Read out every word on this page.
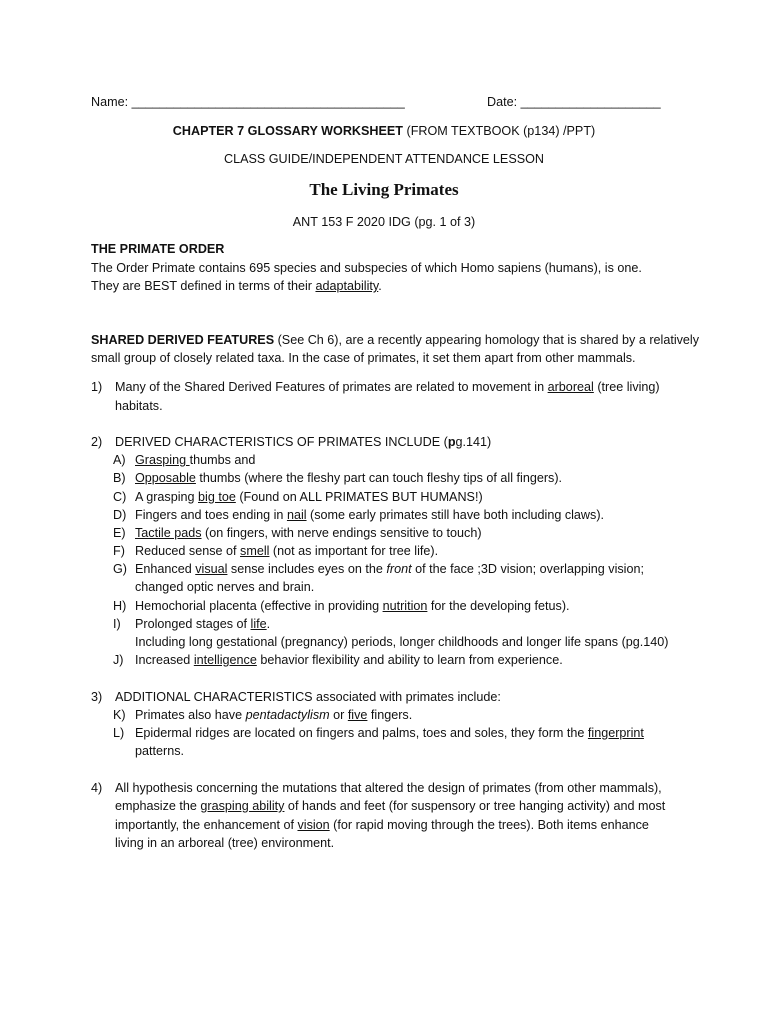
Name: _______________________________________	Date: ____________________
CHAPTER 7 GLOSSARY WORKSHEET (FROM TEXTBOOK (p134) /PPT)
CLASS GUIDE/INDEPENDENT ATTENDANCE LESSON
The Living Primates
ANT 153 F 2020 IDG (pg. 1 of 3)
THE PRIMATE ORDER
The Order Primate contains 695 species and subspecies of which Homo sapiens (humans), is one.
They are BEST defined in terms of their adaptability.
SHARED DERIVED FEATURES (See Ch 6), are a recently appearing homology that is shared by a relatively
small group of closely related taxa. In the case of primates, it set them apart from other mammals.
1) Many of the Shared Derived Features of primates are related to movement in arboreal (tree living)
habitats.
2) DERIVED CHARACTERISTICS OF PRIMATES INCLUDE (pg.141)
A) Grasping thumbs and
B) Opposable thumbs (where the fleshy part can touch fleshy tips of all fingers).
C) A grasping big toe (Found on ALL PRIMATES BUT HUMANS!)
D) Fingers and toes ending in nail (some early primates still have both including claws).
E) Tactile pads (on fingers, with nerve endings sensitive to touch)
F) Reduced sense of smell (not as important for tree life).
G) Enhanced visual sense includes eyes on the front of the face ;3D vision; overlapping vision;
changed optic nerves and brain.
H) Hemochorial placenta (effective in providing nutrition for the developing fetus).
I) Prolonged stages of life.
Including long gestational (pregnancy) periods, longer childhoods and longer life spans (pg.140)
J) Increased intelligence behavior flexibility and ability to learn from experience.
3) ADDITIONAL CHARACTERISTICS associated with primates include:
K) Primates also have pentadactylism or five fingers.
L) Epidermal ridges are located on fingers and palms, toes and soles, they form the fingerprint
patterns.
4) All hypothesis concerning the mutations that altered the design of primates (from other mammals),
emphasize the grasping ability of hands and feet (for suspensory or tree hanging activity) and most
importantly, the enhancement of vision (for rapid moving through the trees). Both items enhance
living in an arboreal (tree) environment.
